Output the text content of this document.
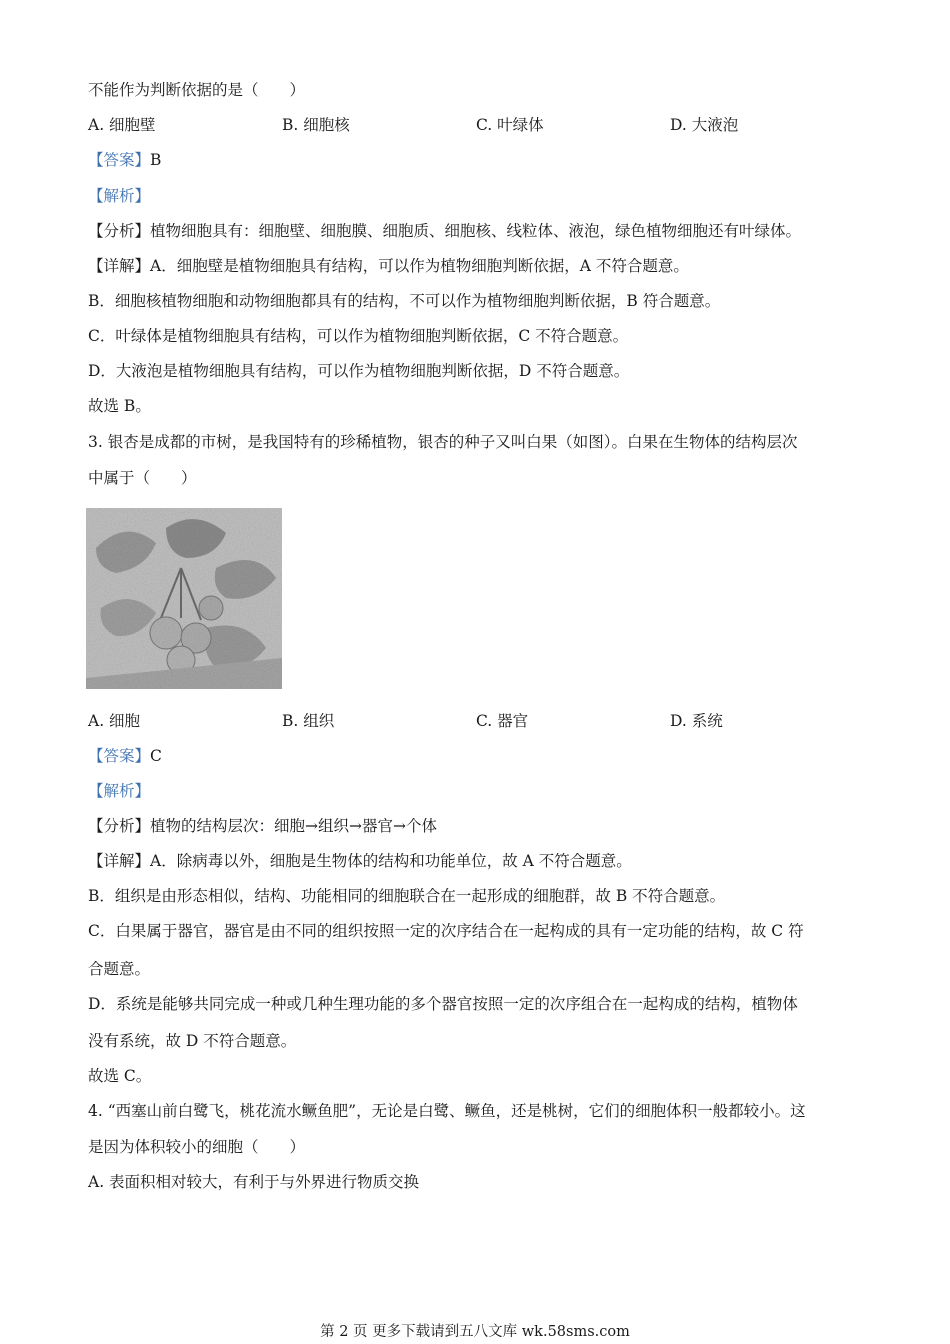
不能作为判断依据的是（　　）
A. 细胞壁	B. 细胞核	C. 叶绿体	D. 大液泡
【答案】B
【解析】
【分析】植物细胞具有：细胞壁、细胞膜、细胞质、细胞核、线粒体、液泡，绿色植物细胞还有叶绿体。
【详解】A．细胞壁是植物细胞具有结构，可以作为植物细胞判断依据，A 不符合题意。
B．细胞核植物细胞和动物细胞都具有的结构，不可以作为植物细胞判断依据，B 符合题意。
C．叶绿体是植物细胞具有结构，可以作为植物细胞判断依据，C 不符合题意。
D．大液泡是植物细胞具有结构，可以作为植物细胞判断依据，D 不符合题意。
故选 B。
3. 银杏是成都的市树，是我国特有的珍稀植物，银杏的种子又叫白果（如图）。白果在生物体的结构层次
中属于（　　）
A. 细胞	B. 组织	C. 器官	D. 系统
【答案】C
【解析】
【分析】植物的结构层次：细胞→组织→器官→个体
【详解】A．除病毒以外，细胞是生物体的结构和功能单位，故 A 不符合题意。
B．组织是由形态相似，结构、功能相同的细胞联合在一起形成的细胞群，故 B 不符合题意。
C．白果属于器官，器官是由不同的组织按照一定的次序结合在一起构成的具有一定功能的结构，故 C 符
合题意。
D．系统是能够共同完成一种或几种生理功能的多个器官按照一定的次序组合在一起构成的结构，植物体
没有系统，故 D 不符合题意。
故选 C。
4. “西塞山前白鹭飞，桃花流水鳜鱼肥”，无论是白鹭、鳜鱼，还是桃树，它们的细胞体积一般都较小。这
是因为体积较小的细胞（　　）
A. 表面积相对较大，有利于与外界进行物质交换
第 2 页 更多下载请到五八文库 wk.58sms.com
